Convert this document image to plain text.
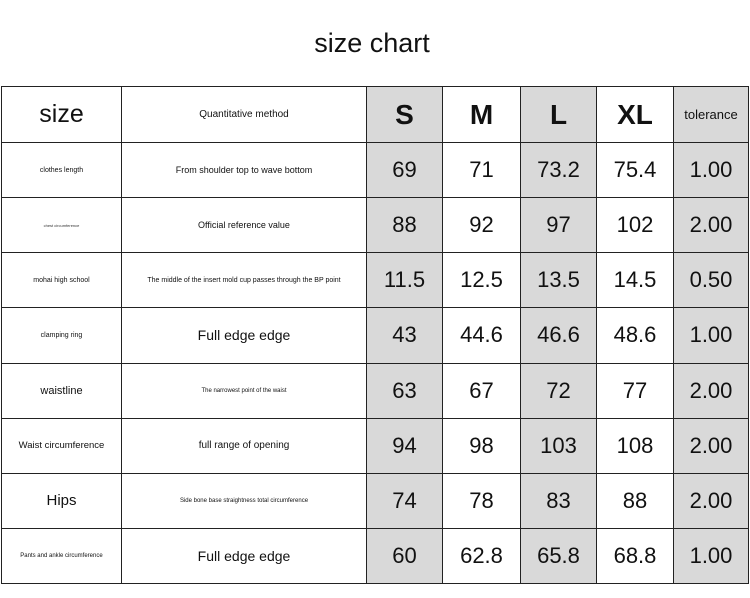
size chart
size	Quantitative method	S	M	L	XL	tolerance
clothes length	From shoulder top to wave bottom	69	71	73.2	75.4	1.00
chest circumference	Official reference value	88	92	97	102	2.00
mohai high school	The middle of the insert mold cup passes through the BP point	11.5	12.5	13.5	14.5	0.50
clamping ring	Full edge edge	43	44.6	46.6	48.6	1.00
waistline	The narrowest point of the waist	63	67	72	77	2.00
Waist circumference	full range of opening	94	98	103	108	2.00
Hips	Side bone base straightness total circumference	74	78	83	88	2.00
Pants and ankle circumference	Full edge edge	60	62.8	65.8	68.8	1.00
